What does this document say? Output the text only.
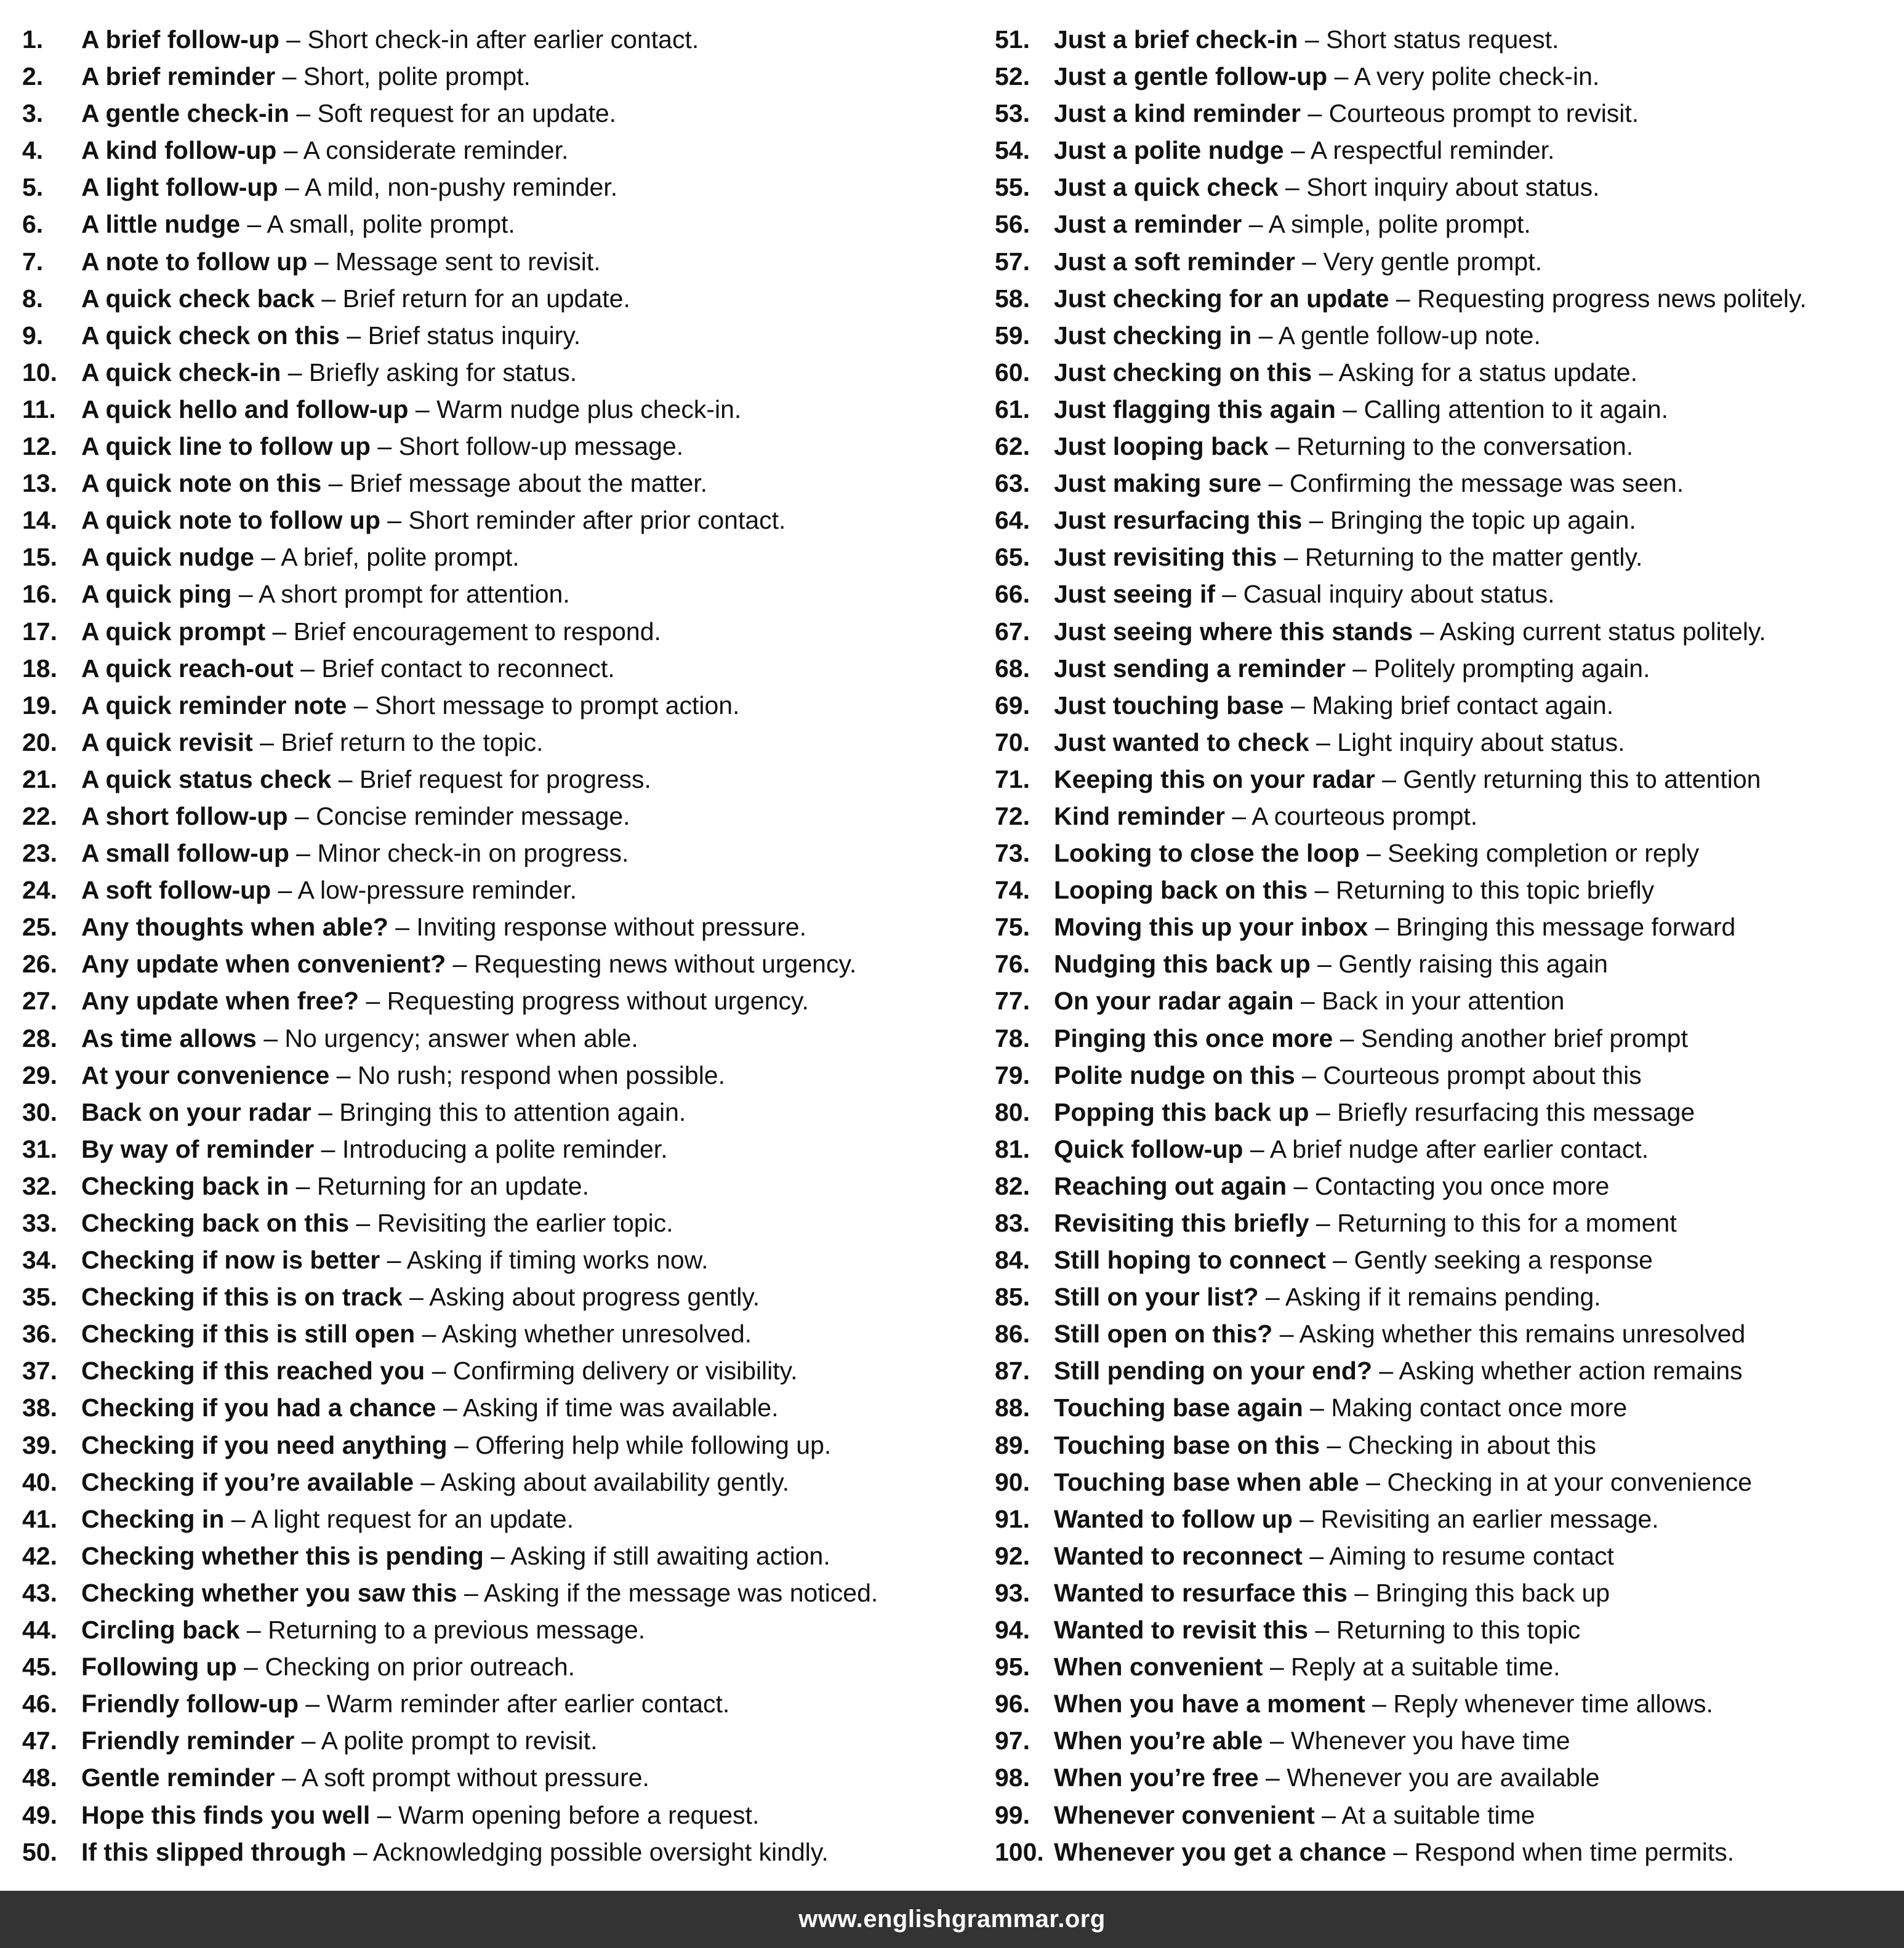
1.	A brief follow-up – Short check-in after earlier contact.
2.	A brief reminder – Short, polite prompt.
3.	A gentle check-in – Soft request for an update.
4.	A kind follow-up – A considerate reminder.
5.	A light follow-up – A mild, non-pushy reminder.
6.	A little nudge – A small, polite prompt.
7.	A note to follow up – Message sent to revisit.
8.	A quick check back – Brief return for an update.
9.	A quick check on this – Brief status inquiry.
10. A quick check-in – Briefly asking for status.
11.	A quick hello and follow-up – Warm nudge plus check-in.
12. A quick line to follow up – Short follow-up message.
13. A quick note on this – Brief message about the matter.
14. A quick note to follow up – Short reminder after prior contact.
15. A quick nudge – A brief, polite prompt.
16. A quick ping – A short prompt for attention.
17. A quick prompt – Brief encouragement to respond.
18. A quick reach-out – Brief contact to reconnect.
19. A quick reminder note – Short message to prompt action.
20. A quick revisit – Brief return to the topic.
21. A quick status check – Brief request for progress.
22. A short follow-up – Concise reminder message.
23. A small follow-up – Minor check-in on progress.
24. A soft follow-up – A low-pressure reminder.
25. Any thoughts when able? – Inviting response without pressure.
26. Any update when convenient? – Requesting news without urgency.
27. Any update when free? – Requesting progress without urgency.
28. As time allows – No urgency; answer when able.
29. At your convenience – No rush; respond when possible.
30. Back on your radar – Bringing this to attention again.
31. By way of reminder – Introducing a polite reminder.
32. Checking back in – Returning for an update.
33. Checking back on this – Revisiting the earlier topic.
34. Checking if now is better – Asking if timing works now.
35. Checking if this is on track – Asking about progress gently.
36. Checking if this is still open – Asking whether unresolved.
37. Checking if this reached you – Confirming delivery or visibility.
38. Checking if you had a chance – Asking if time was available.
39. Checking if you need anything – Offering help while following up.
40. Checking if you’re available – Asking about availability gently.
41. Checking in – A light request for an update.
42. Checking whether this is pending – Asking if still awaiting action.
43. Checking whether you saw this – Asking if the message was noticed.
44. Circling back – Returning to a previous message.
45. Following up – Checking on prior outreach.
46. Friendly follow-up – Warm reminder after earlier contact.
47. Friendly reminder – A polite prompt to revisit.
48. Gentle reminder – A soft prompt without pressure.
49. Hope this finds you well – Warm opening before a request.
50. If this slipped through – Acknowledging possible oversight kindly.
51. Just a brief check-in – Short status request.
52. Just a gentle follow-up – A very polite check-in.
53. Just a kind reminder – Courteous prompt to revisit.
54. Just a polite nudge – A respectful reminder.
55. Just a quick check – Short inquiry about status.
56. Just a reminder – A simple, polite prompt.
57. Just a soft reminder – Very gentle prompt.
58. Just checking for an update – Requesting progress news politely.
59. Just checking in – A gentle follow-up note.
60. Just checking on this – Asking for a status update.
61. Just flagging this again – Calling attention to it again.
62. Just looping back – Returning to the conversation.
63. Just making sure – Confirming the message was seen.
64. Just resurfacing this – Bringing the topic up again.
65. Just revisiting this – Returning to the matter gently.
66. Just seeing if – Casual inquiry about status.
67. Just seeing where this stands – Asking current status politely.
68. Just sending a reminder – Politely prompting again.
69. Just touching base – Making brief contact again.
70. Just wanted to check – Light inquiry about status.
71. Keeping this on your radar – Gently returning this to attention
72. Kind reminder – A courteous prompt.
73. Looking to close the loop – Seeking completion or reply
74. Looping back on this – Returning to this topic briefly
75. Moving this up your inbox – Bringing this message forward
76. Nudging this back up – Gently raising this again
77. On your radar again – Back in your attention
78. Pinging this once more – Sending another brief prompt
79. Polite nudge on this – Courteous prompt about this
80. Popping this back up – Briefly resurfacing this message
81. Quick follow-up – A brief nudge after earlier contact.
82. Reaching out again – Contacting you once more
83. Revisiting this briefly – Returning to this for a moment
84. Still hoping to connect – Gently seeking a response
85. Still on your list? – Asking if it remains pending.
86. Still open on this? – Asking whether this remains unresolved
87. Still pending on your end? – Asking whether action remains
88. Touching base again – Making contact once more
89. Touching base on this – Checking in about this
90. Touching base when able – Checking in at your convenience
91. Wanted to follow up – Revisiting an earlier message.
92. Wanted to reconnect – Aiming to resume contact
93. Wanted to resurface this – Bringing this back up
94. Wanted to revisit this – Returning to this topic
95. When convenient – Reply at a suitable time.
96. When you have a moment – Reply whenever time allows.
97. When you’re able – Whenever you have time
98. When you’re free – Whenever you are available
99. Whenever convenient – At a suitable time
100. Whenever you get a chance – Respond when time permits.
www.englishgrammar.org
